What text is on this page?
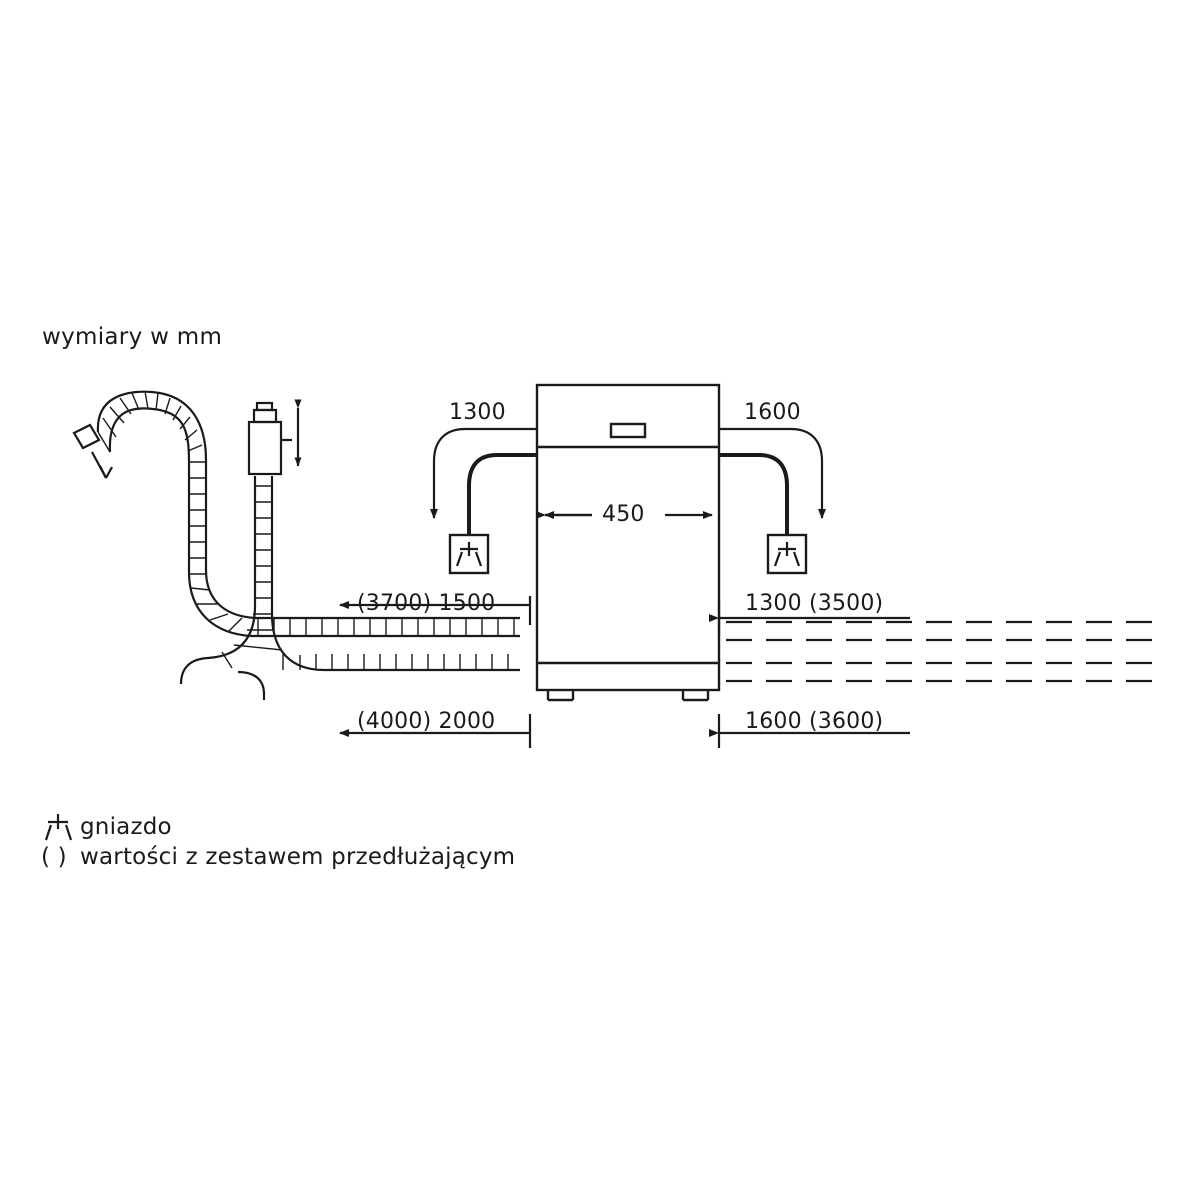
wymiary w mm
1300	1600
450
(3700) 1500	1300 (3500)
(4000) 2000	1600 (3600)
gniazdo
( ) wartości z zestawem przedłużającym
